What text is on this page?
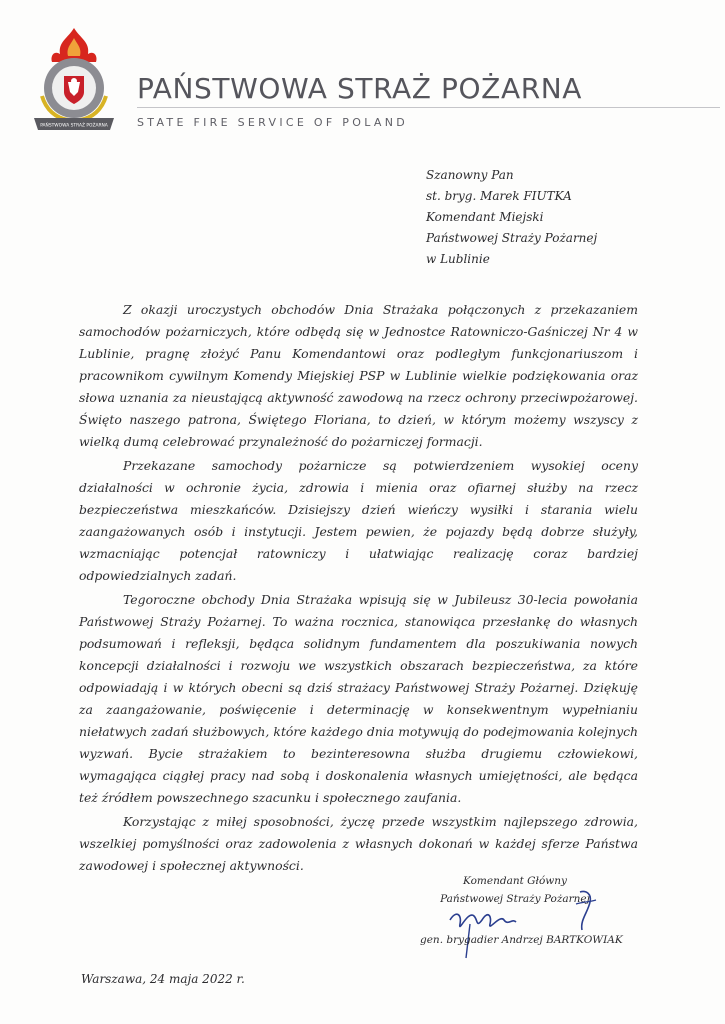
PAŃSTWOWA STRAŻ POŻARNA
PAŃSTWOWA STRAŻ POŻARNA
STATE FIRE SERVICE OF POLAND
Szanowny Pan
st. bryg. Marek FIUTKA
Komendant Miejski
Państwowej Straży Pożarnej
w Lublinie

Z okazji uroczystych obchodów Dnia Strażaka połączonych z przekazaniem samochodów pożarniczych, które odbędą się w Jednostce Ratowniczo-Gaśniczej Nr 4 w Lublinie, pragnę złożyć Panu Komendantowi oraz podległym funkcjonariuszom i pracownikom cywilnym Komendy Miejskiej PSP w Lublinie wielkie podziękowania oraz słowa uznania za nieustającą aktywność zawodową na rzecz ochrony przeciwpożarowej. Święto naszego patrona, Świętego Floriana, to dzień, w którym możemy wszyscy z wielką dumą celebrować przynależność do pożarniczej formacji.

Przekazane samochody pożarnicze są potwierdzeniem wysokiej oceny działalności w ochronie życia, zdrowia i mienia oraz ofiarnej służby na rzecz bezpieczeństwa mieszkańców. Dzisiejszy dzień wieńczy wysiłki i starania wielu zaangażowanych osób i instytucji. Jestem pewien, że pojazdy będą dobrze służyły, wzmacniając potencjał ratowniczy i ułatwiając realizację coraz bardziej odpowiedzialnych zadań.

Tegoroczne obchody Dnia Strażaka wpisują się w Jubileusz 30-lecia powołania Państwowej Straży Pożarnej. To ważna rocznica, stanowiąca przesłankę do własnych podsumowań i refleksji, będąca solidnym fundamentem dla poszukiwania nowych koncepcji działalności i rozwoju we wszystkich obszarach bezpieczeństwa, za które odpowiadają i w których obecni są dziś strażacy Państwowej Straży Pożarnej. Dziękuję za zaangażowanie, poświęcenie i determinację w konsekwentnym wypełnianiu niełatwych zadań służbowych, które każdego dnia motywują do podejmowania kolejnych wyzwań. Bycie strażakiem to bezinteresowna służba drugiemu człowiekowi, wymagająca ciągłej pracy nad sobą i doskonalenia własnych umiejętności, ale będąca też źródłem powszechnego szacunku i społecznego zaufania.

Korzystając z miłej sposobności, życzę przede wszystkim najlepszego zdrowia, wszelkiej pomyślności oraz zadowolenia z własnych dokonań w każdej sferze Państwa zawodowej i społecznej aktywności.

Komendant Główny
Państwowej Straży Pożarnej
gen. brygadier Andrzej BARTKOWIAK
Warszawa, 24 maja 2022 r.
